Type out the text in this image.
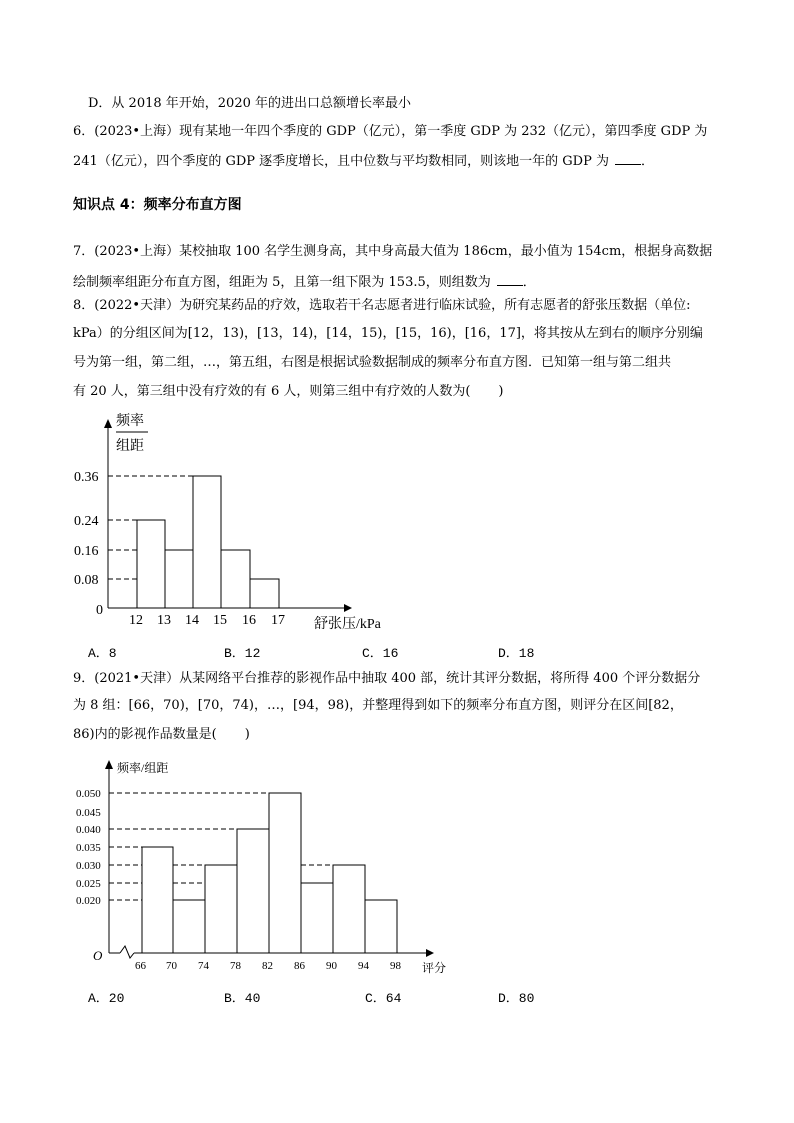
D．从 2018 年开始，2020 年的进出口总额增长率最小
6．(2023•上海）现有某地一年四个季度的 GDP（亿元），第一季度 GDP 为 232（亿元），第四季度 GDP 为
241（亿元），四个季度的 GDP 逐季度增长，且中位数与平均数相同，则该地一年的 GDP 为 ．
知识点 4：频率分布直方图
7．(2023•上海）某校抽取 100 名学生测身高，其中身高最大值为 186cm，最小值为 154cm，根据身高数据
绘制频率组距分布直方图，组距为 5，且第一组下限为 153.5，则组数为 ．
8．(2022•天津）为研究某药品的疗效，选取若干名志愿者进行临床试验，所有志愿者的舒张压数据（单位:
kPa）的分组区间为[12，13)，[13，14)，[14，15)，[15，16)，[16，17]，将其按从左到右的顺序分别编
号为第一组，第二组，…，第五组，右图是根据试验数据制成的频率分布直方图．已知第一组与第二组共
有 20 人，第三组中没有疗效的有 6 人，则第三组中有疗效的人数为( )
频率
组距
0.36
0.24
0.16
0.08
0
12 13 14 15 16 17 舒张压/kPa
频率/组距
0.050
0.045
0.040
0.035
0.030
0.025
0.020
O
66 70 74 78 82 86 90 94 98 评分
A．8	B．12	C．16	D．18
9．(2021•天津）从某网络平台推荐的影视作品中抽取 400 部，统计其评分数据，将所得 400 个评分数据分
为 8 组：[66，70)，[70，74)，…，[94，98)，并整理得到如下的频率分布直方图，则评分在区间[82，
86)内的影视作品数量是( )
A．20	B．40	C．64	D．80
